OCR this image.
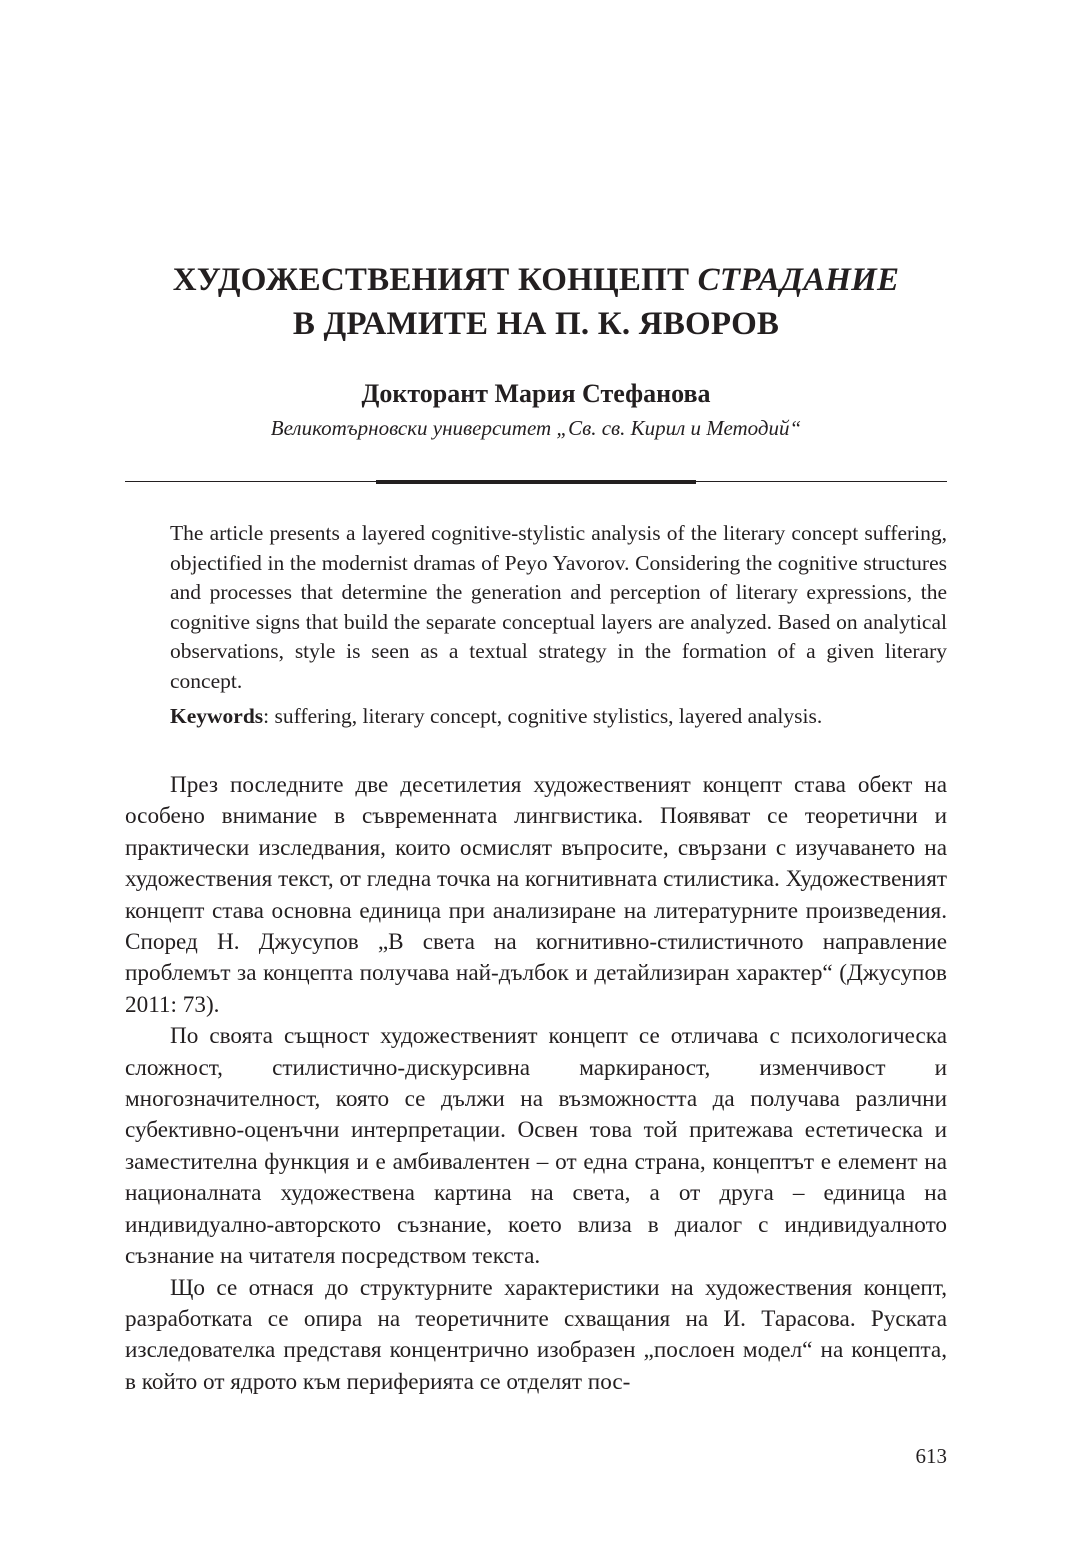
ХУДОЖЕСТВЕНИЯТ КОНЦЕПТ СТРАДАНИЕ
В ДРАМИТЕ НА П. К. ЯВОРОВ

Докторант Мария Стефанова

Великотърновски университет „Св. св. Кирил и Методий“

The article presents a layered cognitive-stylistic analysis of the literary concept suffering, objectified in the modernist dramas of Peyo Yavorov. Considering the cognitive structures and processes that determine the generation and perception of literary expressions, the cognitive signs that build the separate conceptual layers are analyzed. Based on analytical observations, style is seen as a textual strategy in the formation of a given literary concept.

Keywords: suffering, literary concept, cognitive stylistics, layered analysis.

През последните две десетилетия художественият концепт става обект на особено внимание в съвременната лингвистика. Появяват се теоретични и практически изследвания, които осмислят въпросите, свързани с изучаването на художествения текст, от гледна точка на когнитивната стилистика. Художественият концепт става основна единица при анализиране на литературните произведения. Според Н. Джусупов „В света на когнитивно-стилистичното направление проблемът за концепта получава най-дълбок и детайлизиран характер“ (Джусупов 2011: 73).

По своята същност художественият концепт се отличава с психологическа сложност, стилистично-дискурсивна маркираност, изменчивост и многозначителност, която се дължи на възможността да получава различни субективно-оценъчни интерпретации. Освен това той притежава естетическа и заместителна функция и е амбивалентен – от една страна, концептът е елемент на националната художествена картина на света, а от друга – единица на индивидуално-авторското съзнание, което влиза в диалог с индивидуалното съзнание на читателя посредством текста.

Що се отнася до структурните характеристики на художествения концепт, разработката се опира на теоретичните схващания на И. Тарасова. Руската изследователка представя концентрично изобразен „послоен модел“ на концепта, в който от ядрото към периферията се отделят пос-

613
